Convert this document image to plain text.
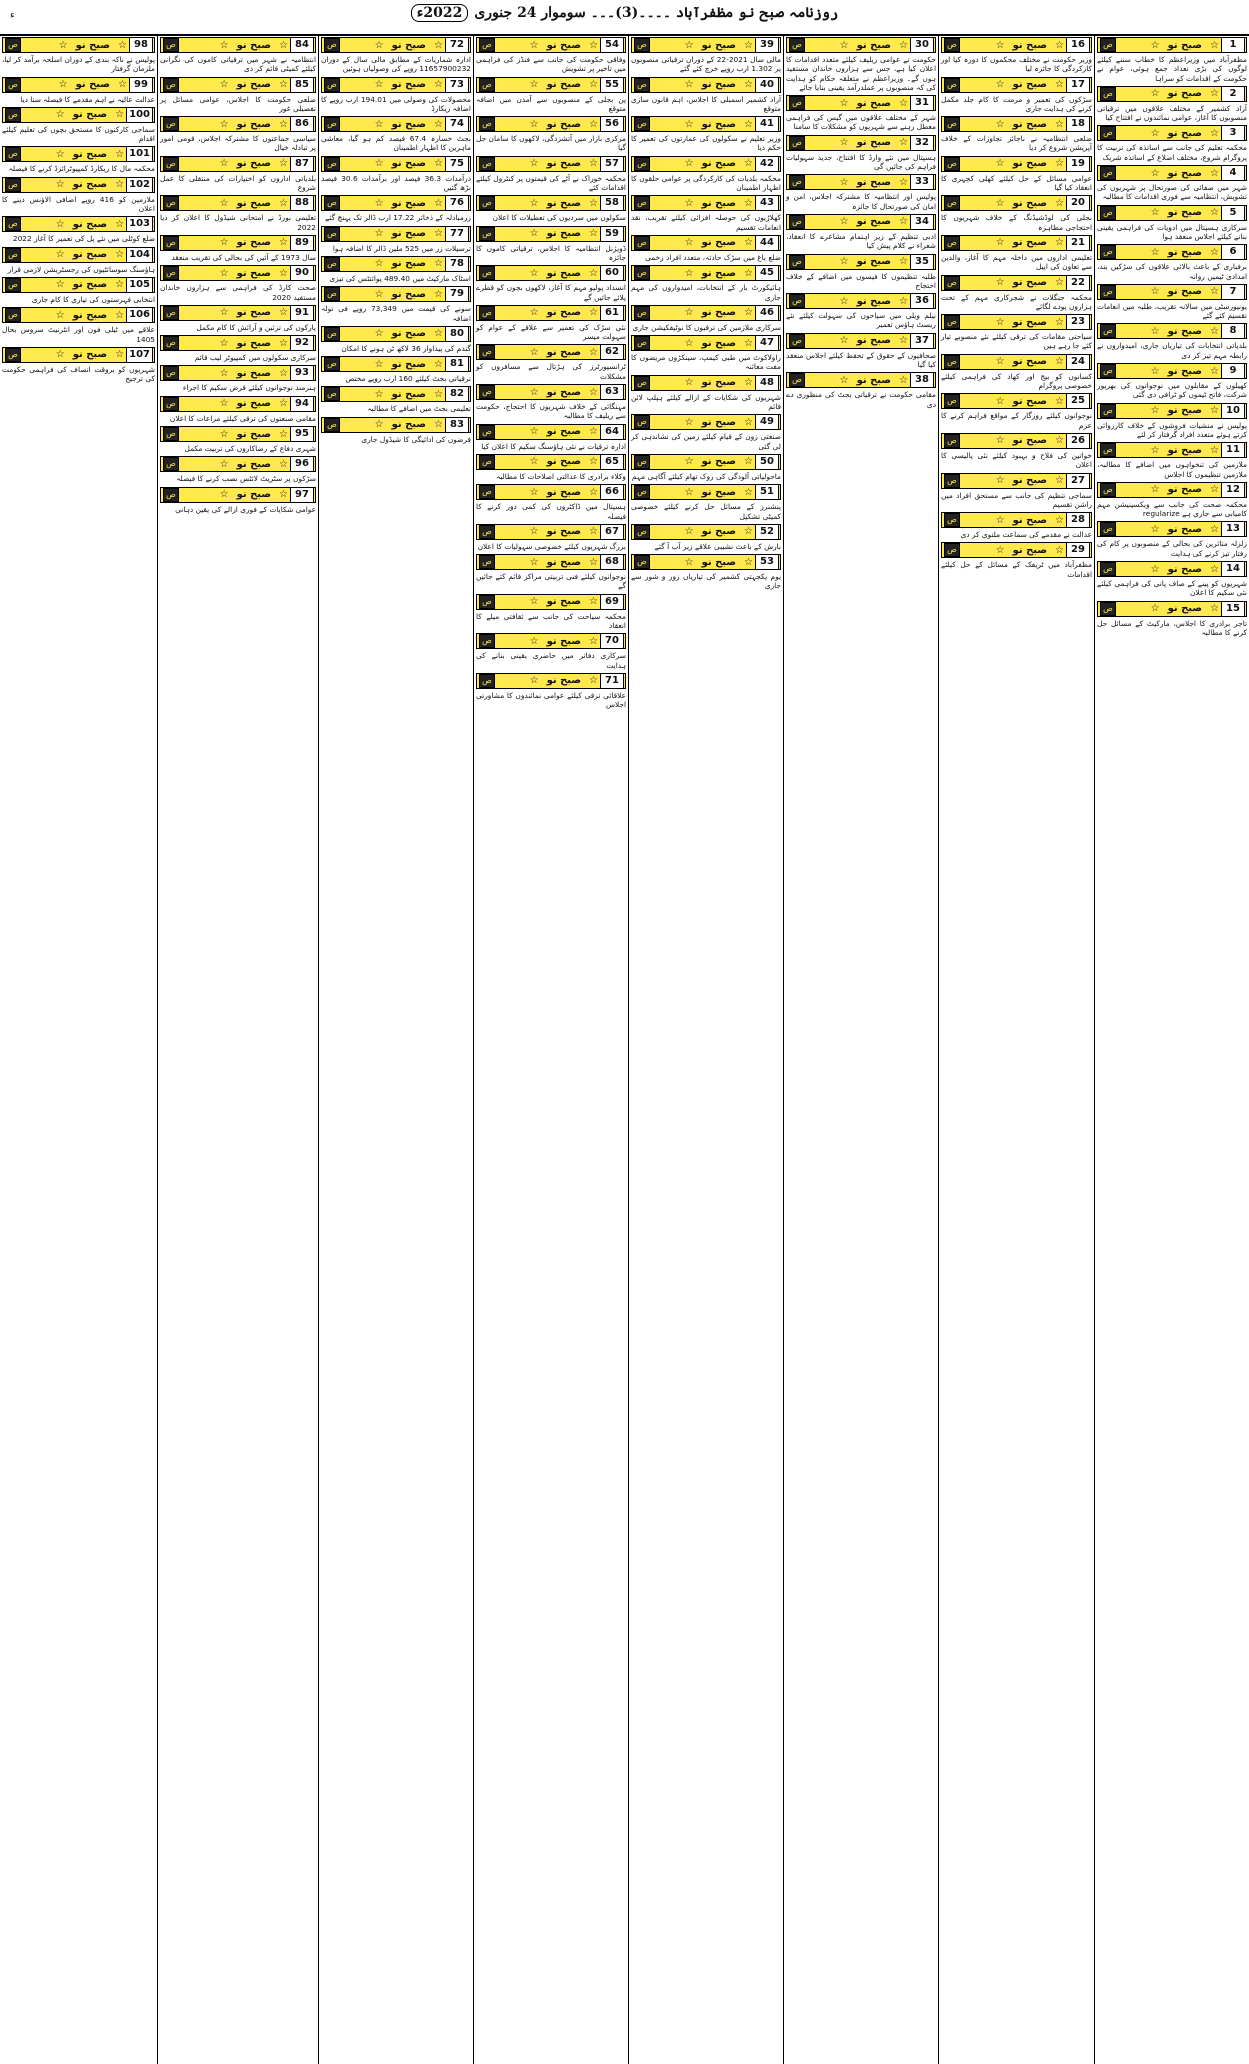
ء	روزنامہ صبح نو مظفرآباد ۔۔۔۔(3)۔۔۔ سوموار 24 جنوری2022ء
1
☆
صبح نو
☆
ص
مظفرآباد میں وزیراعظم کا خطاب سننے کیلئے لوگوں کی بڑی تعداد جمع ہوئی، عوام نے حکومت کے اقدامات کو سراہا
2
☆
صبح نو
☆
ص
آزاد کشمیر کے مختلف علاقوں میں ترقیاتی منصوبوں کا آغاز، عوامی نمائندوں نے افتتاح کیا
3
☆
صبح نو
☆
ص
محکمہ تعلیم کی جانب سے اساتذہ کی تربیت کا پروگرام شروع، مختلف اضلاع کے اساتذہ شریک
4
☆
صبح نو
☆
ص
شہر میں صفائی کی صورتحال پر شہریوں کی تشویش، انتظامیہ سے فوری اقدامات کا مطالبہ
5
☆
صبح نو
☆
ص
سرکاری ہسپتال میں ادویات کی فراہمی یقینی بنانے کیلئے اجلاس منعقد ہوا
6
☆
صبح نو
☆
ص
برفباری کے باعث بالائی علاقوں کی سڑکیں بند، امدادی ٹیمیں روانہ
7
☆
صبح نو
☆
ص
یونیورسٹی میں سالانہ تقریب، طلبہ میں انعامات تقسیم کئے گئے
8
☆
صبح نو
☆
ص
بلدیاتی انتخابات کی تیاریاں جاری، امیدواروں نے رابطہ مہم تیز کر دی
9
☆
صبح نو
☆
ص
کھیلوں کے مقابلوں میں نوجوانوں کی بھرپور شرکت، فاتح ٹیموں کو ٹرافی دی گئی
10
☆
صبح نو
☆
ص
پولیس نے منشیات فروشوں کے خلاف کارروائی کرتے ہوئے متعدد افراد گرفتار کر لئے
11
☆
صبح نو
☆
ص
ملازمین کی تنخواہوں میں اضافے کا مطالبہ، ملازمین تنظیموں کا اجلاس
12
☆
صبح نو
☆
ص
محکمہ صحت کی جانب سے ویکسینیشن مہم کامیابی سے جاری ہے regularize
13
☆
صبح نو
☆
ص
زلزلہ متاثرین کی بحالی کے منصوبوں پر کام کی رفتار تیز کرنے کی ہدایت
14
☆
صبح نو
☆
ص
شہریوں کو پینے کے صاف پانی کی فراہمی کیلئے نئی سکیم کا اعلان
15
☆
صبح نو
☆
ص
تاجر برادری کا اجلاس، مارکیٹ کے مسائل حل کرنے کا مطالبہ
16
☆
صبح نو
☆
ص
وزیر حکومت نے مختلف محکموں کا دورہ کیا اور کارکردگی کا جائزہ لیا
17
☆
صبح نو
☆
ص
سڑکوں کی تعمیر و مرمت کا کام جلد مکمل کرنے کی ہدایت جاری
18
☆
صبح نو
☆
ص
ضلعی انتظامیہ نے ناجائز تجاوزات کے خلاف آپریشن شروع کر دیا
19
☆
صبح نو
☆
ص
عوامی مسائل کے حل کیلئے کھلی کچہری کا انعقاد کیا گیا
20
☆
صبح نو
☆
ص
بجلی کی لوڈشیڈنگ کے خلاف شہریوں کا احتجاجی مظاہرہ
21
☆
صبح نو
☆
ص
تعلیمی اداروں میں داخلہ مہم کا آغاز، والدین سے تعاون کی اپیل
22
☆
صبح نو
☆
ص
محکمہ جنگلات نے شجرکاری مہم کے تحت ہزاروں پودے لگائے
23
☆
صبح نو
☆
ص
سیاحتی مقامات کی ترقی کیلئے نئے منصوبے تیار کئے جا رہے ہیں
24
☆
صبح نو
☆
ص
کسانوں کو بیج اور کھاد کی فراہمی کیلئے خصوصی پروگرام
25
☆
صبح نو
☆
ص
نوجوانوں کیلئے روزگار کے مواقع فراہم کرنے کا عزم
26
☆
صبح نو
☆
ص
خواتین کی فلاح و بہبود کیلئے نئی پالیسی کا اعلان
27
☆
صبح نو
☆
ص
سماجی تنظیم کی جانب سے مستحق افراد میں راشن تقسیم
28
☆
صبح نو
☆
ص
عدالت نے مقدمے کی سماعت ملتوی کر دی
29
☆
صبح نو
☆
ص
مظفرآباد میں ٹریفک کے مسائل کے حل کیلئے اقدامات
30
☆
صبح نو
☆
ص
حکومت نے عوامی ریلیف کیلئے متعدد اقدامات کا اعلان کیا ہے، جس سے ہزاروں خاندان مستفید ہوں گے۔ وزیراعظم نے متعلقہ حکام کو ہدایت کی کہ منصوبوں پر عملدرآمد یقینی بنایا جائے
31
☆
صبح نو
☆
ص
شہر کے مختلف علاقوں میں گیس کی فراہمی معطل رہنے سے شہریوں کو مشکلات کا سامنا
32
☆
صبح نو
☆
ص
ہسپتال میں نئے وارڈ کا افتتاح، جدید سہولیات فراہم کی جائیں گی
33
☆
صبح نو
☆
ص
پولیس اور انتظامیہ کا مشترکہ اجلاس، امن و امان کی صورتحال کا جائزہ
34
☆
صبح نو
☆
ص
ادبی تنظیم کے زیر اہتمام مشاعرے کا انعقاد، شعراء نے کلام پیش کیا
35
☆
صبح نو
☆
ص
طلبہ تنظیموں کا فیسوں میں اضافے کے خلاف احتجاج
36
☆
صبح نو
☆
ص
نیلم ویلی میں سیاحوں کی سہولت کیلئے نئے ریسٹ ہاؤس تعمیر
37
☆
صبح نو
☆
ص
صحافیوں کے حقوق کے تحفظ کیلئے اجلاس منعقد کیا گیا
38
☆
صبح نو
☆
ص
مقامی حکومت نے ترقیاتی بجٹ کی منظوری دے دی
39
☆
صبح نو
☆
ص
مالی سال 2021-22 کے دوران ترقیاتی منصوبوں پر 1.302 ارب روپے خرچ کئے گئے
40
☆
صبح نو
☆
ص
آزاد کشمیر اسمبلی کا اجلاس، اہم قانون سازی متوقع
41
☆
صبح نو
☆
ص
وزیر تعلیم نے سکولوں کی عمارتوں کی تعمیر کا حکم دیا
42
☆
صبح نو
☆
ص
محکمہ بلدیات کی کارکردگی پر عوامی حلقوں کا اظہار اطمینان
43
☆
صبح نو
☆
ص
کھلاڑیوں کی حوصلہ افزائی کیلئے تقریب، نقد انعامات تقسیم
44
☆
صبح نو
☆
ص
ضلع باغ میں سڑک حادثہ، متعدد افراد زخمی
45
☆
صبح نو
☆
ص
ہائیکورٹ بار کے انتخابات، امیدواروں کی مہم جاری
46
☆
صبح نو
☆
ص
سرکاری ملازمین کی ترقیوں کا نوٹیفکیشن جاری
47
☆
صبح نو
☆
ص
راولاکوٹ میں طبی کیمپ، سینکڑوں مریضوں کا مفت معائنہ
48
☆
صبح نو
☆
ص
شہریوں کی شکایات کے ازالے کیلئے ہیلپ لائن قائم
49
☆
صبح نو
☆
ص
صنعتی زون کے قیام کیلئے زمین کی نشاندہی کر لی گئی
50
☆
صبح نو
☆
ص
ماحولیاتی آلودگی کی روک تھام کیلئے آگاہی مہم
51
☆
صبح نو
☆
ص
پنشنرز کے مسائل حل کرنے کیلئے خصوصی کمیٹی تشکیل
52
☆
صبح نو
☆
ص
بارش کے باعث نشیبی علاقے زیر آب آ گئے
53
☆
صبح نو
☆
ص
یوم یکجہتی کشمیر کی تیاریاں زور و شور سے جاری
54
☆
صبح نو
☆
ص
وفاقی حکومت کی جانب سے فنڈز کی فراہمی میں تاخیر پر تشویش
55
☆
صبح نو
☆
ص
پن بجلی کے منصوبوں سے آمدن میں اضافہ متوقع
56
☆
صبح نو
☆
ص
مرکزی بازار میں آتشزدگی، لاکھوں کا سامان جل گیا
57
☆
صبح نو
☆
ص
محکمہ خوراک نے آٹے کی قیمتوں پر کنٹرول کیلئے اقدامات کئے
58
☆
صبح نو
☆
ص
سکولوں میں سردیوں کی تعطیلات کا اعلان
59
☆
صبح نو
☆
ص
ڈویژنل انتظامیہ کا اجلاس، ترقیاتی کاموں کا جائزہ
60
☆
صبح نو
☆
ص
انسداد پولیو مہم کا آغاز، لاکھوں بچوں کو قطرے پلائے جائیں گے
61
☆
صبح نو
☆
ص
نئی سڑک کی تعمیر سے علاقے کے عوام کو سہولت میسر
62
☆
صبح نو
☆
ص
ٹرانسپورٹرز کی ہڑتال سے مسافروں کو مشکلات
63
☆
صبح نو
☆
ص
مہنگائی کے خلاف شہریوں کا احتجاج، حکومت سے ریلیف کا مطالبہ
64
☆
صبح نو
☆
ص
ادارہ ترقیات نے نئی ہاؤسنگ سکیم کا اعلان کیا
65
☆
صبح نو
☆
ص
وکلاء برادری کا عدالتی اصلاحات کا مطالبہ
66
☆
صبح نو
☆
ص
ہسپتال میں ڈاکٹروں کی کمی دور کرنے کا فیصلہ
67
☆
صبح نو
☆
ص
بزرگ شہریوں کیلئے خصوصی سہولیات کا اعلان
68
☆
صبح نو
☆
ص
نوجوانوں کیلئے فنی تربیتی مراکز قائم کئے جائیں گے
69
☆
صبح نو
☆
ص
محکمہ سیاحت کی جانب سے ثقافتی میلے کا انعقاد
70
☆
صبح نو
☆
ص
سرکاری دفاتر میں حاضری یقینی بنانے کی ہدایت
71
☆
صبح نو
☆
ص
علاقائی ترقی کیلئے عوامی نمائندوں کا مشاورتی اجلاس
72
☆
صبح نو
☆
ص
ادارہ شماریات کے مطابق مالی سال کے دوران 11657900232 روپے کی وصولیاں ہوئیں
73
☆
صبح نو
☆
ص
محصولات کی وصولی میں 194.01 ارب روپے کا اضافہ ریکارڈ
74
☆
صبح نو
☆
ص
بجٹ خسارہ 67.4 فیصد کم ہو گیا، معاشی ماہرین کا اظہار اطمینان
75
☆
صبح نو
☆
ص
درآمدات 36.3 فیصد اور برآمدات 30.6 فیصد بڑھ گئیں
76
☆
صبح نو
☆
ص
زرمبادلہ کے ذخائر 17.22 ارب ڈالر تک پہنچ گئے
77
☆
صبح نو
☆
ص
ترسیلات زر میں 525 ملین ڈالر کا اضافہ ہوا
78
☆
صبح نو
☆
ص
اسٹاک مارکیٹ میں 489.40 پوائنٹس کی تیزی
79
☆
صبح نو
☆
ص
سونے کی قیمت میں 73,349 روپے فی تولہ اضافہ
80
☆
صبح نو
☆
ص
گندم کی پیداوار 36 لاکھ ٹن ہونے کا امکان
81
☆
صبح نو
☆
ص
ترقیاتی بجٹ کیلئے 160 ارب روپے مختص
82
☆
صبح نو
☆
ص
تعلیمی بجٹ میں اضافے کا مطالبہ
83
☆
صبح نو
☆
ص
قرضوں کی ادائیگی کا شیڈول جاری
84
☆
صبح نو
☆
ص
انتظامیہ نے شہر میں ترقیاتی کاموں کی نگرانی کیلئے کمیٹی قائم کر دی
85
☆
صبح نو
☆
ص
ضلعی حکومت کا اجلاس، عوامی مسائل پر تفصیلی غور
86
☆
صبح نو
☆
ص
سیاسی جماعتوں کا مشترکہ اجلاس، قومی امور پر تبادلہ خیال
87
☆
صبح نو
☆
ص
بلدیاتی اداروں کو اختیارات کی منتقلی کا عمل شروع
88
☆
صبح نو
☆
ص
تعلیمی بورڈ نے امتحانی شیڈول کا اعلان کر دیا 2022
89
☆
صبح نو
☆
ص
سال 1973 کے آئین کی بحالی کی تقریب منعقد
90
☆
صبح نو
☆
ص
صحت کارڈ کی فراہمی سے ہزاروں خاندان مستفید 2020
91
☆
صبح نو
☆
ص
پارکوں کی تزئین و آرائش کا کام مکمل
92
☆
صبح نو
☆
ص
سرکاری سکولوں میں کمپیوٹر لیب قائم
93
☆
صبح نو
☆
ص
ہنرمند نوجوانوں کیلئے قرض سکیم کا اجراء
94
☆
صبح نو
☆
ص
مقامی صنعتوں کی ترقی کیلئے مراعات کا اعلان
95
☆
صبح نو
☆
ص
شہری دفاع کے رضاکاروں کی تربیت مکمل
96
☆
صبح نو
☆
ص
سڑکوں پر سٹریٹ لائٹس نصب کرنے کا فیصلہ
97
☆
صبح نو
☆
ص
عوامی شکایات کے فوری ازالے کی یقین دہانی
98
☆
صبح نو
☆
ص
پولیس نے ناکہ بندی کے دوران اسلحہ برآمد کر لیا، ملزمان گرفتار
99
☆
صبح نو
☆
ص
عدالت عالیہ نے اہم مقدمے کا فیصلہ سنا دیا
100
☆
صبح نو
☆
ص
سماجی کارکنوں کا مستحق بچوں کی تعلیم کیلئے اقدام
101
☆
صبح نو
☆
ص
محکمہ مال کا ریکارڈ کمپیوٹرائزڈ کرنے کا فیصلہ
102
☆
صبح نو
☆
ص
ملازمین کو 416 روپے اضافی الاؤنس دینے کا اعلان
103
☆
صبح نو
☆
ص
ضلع کوٹلی میں نئے پل کی تعمیر کا آغاز 2022
104
☆
صبح نو
☆
ص
ہاؤسنگ سوسائٹیوں کی رجسٹریشن لازمی قرار
105
☆
صبح نو
☆
ص
انتخابی فہرستوں کی تیاری کا کام جاری
106
☆
صبح نو
☆
ص
علاقے میں ٹیلی فون اور انٹرنیٹ سروس بحال 1405
107
☆
صبح نو
☆
ص
شہریوں کو بروقت انصاف کی فراہمی حکومت کی ترجیح
